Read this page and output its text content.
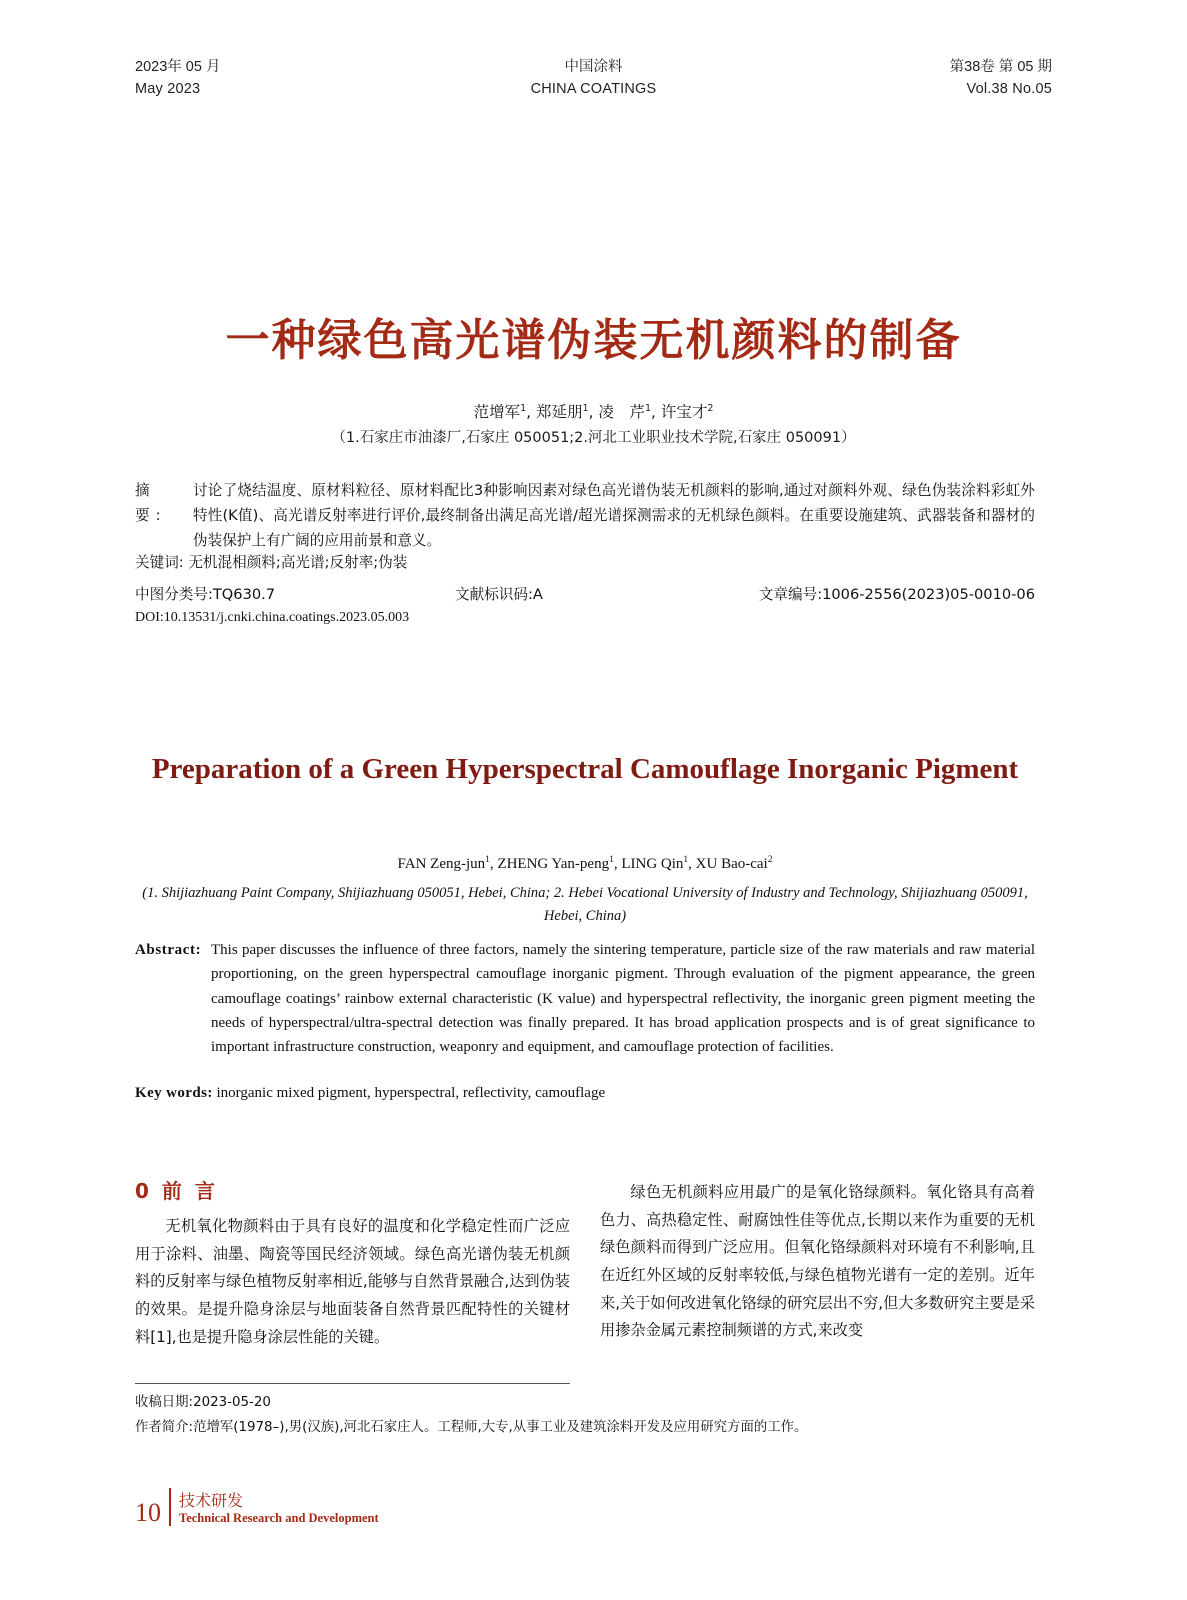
2023年 05 月	中国涂料	第38卷 第 05 期
May 2023	CHINA COATINGS	Vol.38 No.05
一种绿色高光谱伪装无机颜料的制备
范增军$^1$, 郑延朋$^1$, 凌　芹$^1$, 许宝才$^2$
（1.石家庄市油漆厂,石家庄 050051;2.河北工业职业技术学院,石家庄 050091）
摘 要:
讨论了烧结温度、原材料粒径、原材料配比3种影响因素对绿色高光谱伪装无机颜料的影响,通过对颜料外观、绿色伪装涂料彩虹外特性(K值)、高光谱反射率进行评价,最终制备出满足高光谱/超光谱探测需求的无机绿色颜料。在重要设施建筑、武器装备和器材的伪装保护上有广阔的应用前景和意义。
关键词: 无机混相颜料;高光谱;反射率;伪装
中图分类号:TQ630.7	文献标识码:A	文章编号:1006-2556(2023)05-0010-06
DOI:10.13531/j.cnki.china.coatings.2023.05.003
Preparation of a Green Hyperspectral Camouflage Inorganic Pigment
FAN Zeng-jun$^1$, ZHENG Yan-peng$^1$, LING Qin$^1$, XU Bao-cai$^2$
(1. Shijiazhuang Paint Company, Shijiazhuang 050051, Hebei, China; 2. Hebei Vocational University of Industry and Technology, Shijiazhuang 050091, Hebei, China)
Abstract: This paper discusses the influence of three factors, namely the sintering temperature, particle size of the raw materials and raw material proportioning, on the green hyperspectral camouflage inorganic pigment. Through evaluation of the pigment appearance, the green camouflage coatings’ rainbow external characteristic (K value) and hyperspectral reflectivity, the inorganic green pigment meeting the needs of hyperspectral/ultra-spectral detection was finally prepared. It has broad application prospects and is of great significance to important infrastructure construction, weaponry and equipment, and camouflage protection of facilities.
Key words: inorganic mixed pigment, hyperspectral, reflectivity, camouflage
0 前 言

无机氧化物颜料由于具有良好的温度和化学稳定性而广泛应用于涂料、油墨、陶瓷等国民经济领域。绿色高光谱伪装无机颜料的反射率与绿色植物反射率相近,能够与自然背景融合,达到伪装的效果。是提升隐身涂层与地面装备自然背景匹配特性的关键材料[1],也是提升隐身涂层性能的关键。

绿色无机颜料应用最广的是氧化铬绿颜料。氧化铬具有高着色力、高热稳定性、耐腐蚀性佳等优点,长期以来作为重要的无机绿色颜料而得到广泛应用。但氧化铬绿颜料对环境有不利影响,且在近红外区域的反射率较低,与绿色植物光谱有一定的差别。近年来,关于如何改进氧化铬绿的研究层出不穷,但大多数研究主要是采用掺杂金属元素控制频谱的方式,来改变

收稿日期:2023-05-20
作者简介:范增军(1978–),男(汉族),河北石家庄人。工程师,大专,从事工业及建筑涂料开发及应用研究方面的工作。
10	技术研发
Technical Research and Development
